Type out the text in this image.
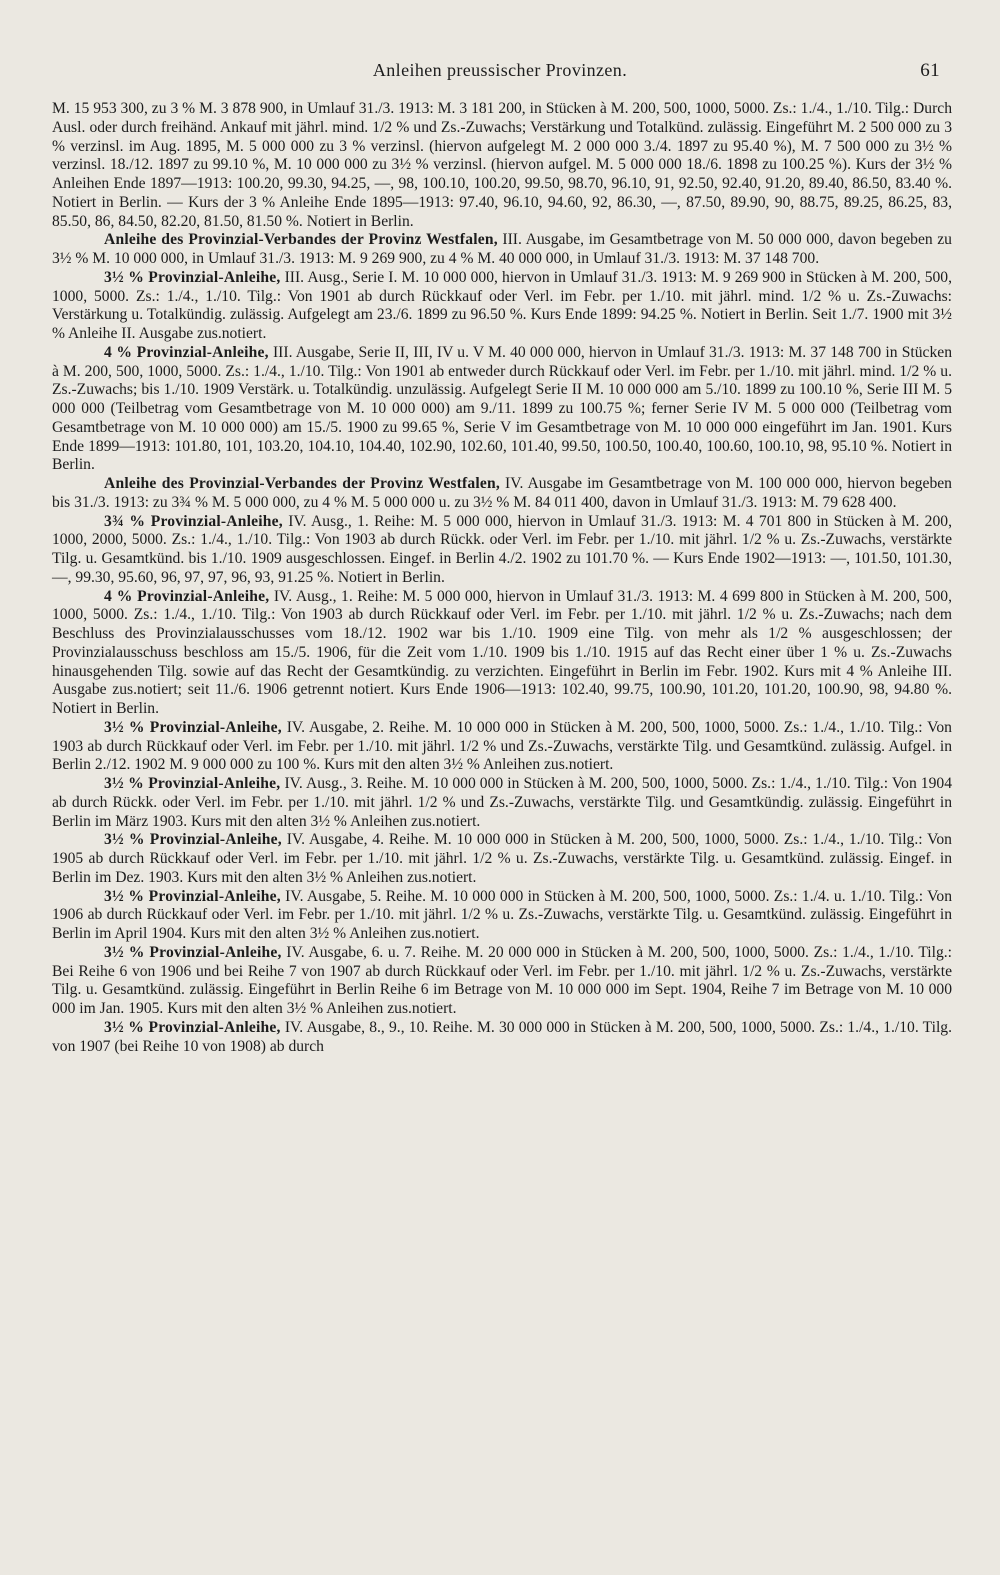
Anleihen preussischer Provinzen.	61

M. 15 953 300, zu 3 % M. 3 878 900, in Umlauf 31./3. 1913: M. 3 181 200, in Stücken à M. 200, 500, 1000, 5000. Zs.: 1./4., 1./10. Tilg.: Durch Ausl. oder durch freihänd. Ankauf mit jährl. mind. 1/2 % und Zs.-Zuwachs; Verstärkung und Totalkünd. zulässig. Eingeführt M. 2 500 000 zu 3 % verzinsl. im Aug. 1895, M. 5 000 000 zu 3 % verzinsl. (hiervon aufgelegt M. 2 000 000 3./4. 1897 zu 95.40 %), M. 7 500 000 zu 3½ % verzinsl. 18./12. 1897 zu 99.10 %, M. 10 000 000 zu 3½ % verzinsl. (hiervon aufgel. M. 5 000 000 18./6. 1898 zu 100.25 %). Kurs der 3½ % Anleihen Ende 1897—1913: 100.20, 99.30, 94.25, —, 98, 100.10, 100.20, 99.50, 98.70, 96.10, 91, 92.50, 92.40, 91.20, 89.40, 86.50, 83.40 %. Notiert in Berlin. — Kurs der 3 % Anleihe Ende 1895—1913: 97.40, 96.10, 94.60, 92, 86.30, —, 87.50, 89.90, 90, 88.75, 89.25, 86.25, 83, 85.50, 86, 84.50, 82.20, 81.50, 81.50 %. Notiert in Berlin.

Anleihe des Provinzial-Verbandes der Provinz Westfalen, III. Ausgabe, im Gesamtbetrage von M. 50 000 000, davon begeben zu 3½ % M. 10 000 000, in Umlauf 31./3. 1913: M. 9 269 900, zu 4 % M. 40 000 000, in Umlauf 31./3. 1913: M. 37 148 700.

3½ % Provinzial-Anleihe, III. Ausg., Serie I. M. 10 000 000, hiervon in Umlauf 31./3. 1913: M. 9 269 900 in Stücken à M. 200, 500, 1000, 5000. Zs.: 1./4., 1./10. Tilg.: Von 1901 ab durch Rückkauf oder Verl. im Febr. per 1./10. mit jährl. mind. 1/2 % u. Zs.-Zuwachs: Verstärkung u. Totalkündig. zulässig. Aufgelegt am 23./6. 1899 zu 96.50 %. Kurs Ende 1899: 94.25 %. Notiert in Berlin. Seit 1./7. 1900 mit 3½ % Anleihe II. Ausgabe zus.notiert.

4 % Provinzial-Anleihe, III. Ausgabe, Serie II, III, IV u. V M. 40 000 000, hiervon in Umlauf 31./3. 1913: M. 37 148 700 in Stücken à M. 200, 500, 1000, 5000. Zs.: 1./4., 1./10. Tilg.: Von 1901 ab entweder durch Rückkauf oder Verl. im Febr. per 1./10. mit jährl. mind. 1/2 % u. Zs.-Zuwachs; bis 1./10. 1909 Verstärk. u. Totalkündig. unzulässig. Aufgelegt Serie II M. 10 000 000 am 5./10. 1899 zu 100.10 %, Serie III M. 5 000 000 (Teilbetrag vom Gesamtbetrage von M. 10 000 000) am 9./11. 1899 zu 100.75 %; ferner Serie IV M. 5 000 000 (Teilbetrag vom Gesamtbetrage von M. 10 000 000) am 15./5. 1900 zu 99.65 %, Serie V im Gesamtbetrage von M. 10 000 000 eingeführt im Jan. 1901. Kurs Ende 1899—1913: 101.80, 101, 103.20, 104.10, 104.40, 102.90, 102.60, 101.40, 99.50, 100.50, 100.40, 100.60, 100.10, 98, 95.10 %. Notiert in Berlin.

Anleihe des Provinzial-Verbandes der Provinz Westfalen, IV. Ausgabe im Gesamtbetrage von M. 100 000 000, hiervon begeben bis 31./3. 1913: zu 3¾ % M. 5 000 000, zu 4 % M. 5 000 000 u. zu 3½ % M. 84 011 400, davon in Umlauf 31./3. 1913: M. 79 628 400.

3¾ % Provinzial-Anleihe, IV. Ausg., 1. Reihe: M. 5 000 000, hiervon in Umlauf 31./3. 1913: M. 4 701 800 in Stücken à M. 200, 1000, 2000, 5000. Zs.: 1./4., 1./10. Tilg.: Von 1903 ab durch Rückk. oder Verl. im Febr. per 1./10. mit jährl. 1/2 % u. Zs.-Zuwachs, verstärkte Tilg. u. Gesamtkünd. bis 1./10. 1909 ausgeschlossen. Eingef. in Berlin 4./2. 1902 zu 101.70 %. — Kurs Ende 1902—1913: —, 101.50, 101.30, —, 99.30, 95.60, 96, 97, 97, 96, 93, 91.25 %. Notiert in Berlin.

4 % Provinzial-Anleihe, IV. Ausg., 1. Reihe: M. 5 000 000, hiervon in Umlauf 31./3. 1913: M. 4 699 800 in Stücken à M. 200, 500, 1000, 5000. Zs.: 1./4., 1./10. Tilg.: Von 1903 ab durch Rückkauf oder Verl. im Febr. per 1./10. mit jährl. 1/2 % u. Zs.-Zuwachs; nach dem Beschluss des Provinzialausschusses vom 18./12. 1902 war bis 1./10. 1909 eine Tilg. von mehr als 1/2 % ausgeschlossen; der Provinzialausschuss beschloss am 15./5. 1906, für die Zeit vom 1./10. 1909 bis 1./10. 1915 auf das Recht einer über 1 % u. Zs.-Zuwachs hinausgehenden Tilg. sowie auf das Recht der Gesamtkündig. zu verzichten. Eingeführt in Berlin im Febr. 1902. Kurs mit 4 % Anleihe III. Ausgabe zus.notiert; seit 11./6. 1906 getrennt notiert. Kurs Ende 1906—1913: 102.40, 99.75, 100.90, 101.20, 101.20, 100.90, 98, 94.80 %. Notiert in Berlin.

3½ % Provinzial-Anleihe, IV. Ausgabe, 2. Reihe. M. 10 000 000 in Stücken à M. 200, 500, 1000, 5000. Zs.: 1./4., 1./10. Tilg.: Von 1903 ab durch Rückkauf oder Verl. im Febr. per 1./10. mit jährl. 1/2 % und Zs.-Zuwachs, verstärkte Tilg. und Gesamtkünd. zulässig. Aufgel. in Berlin 2./12. 1902 M. 9 000 000 zu 100 %. Kurs mit den alten 3½ % Anleihen zus.notiert.

3½ % Provinzial-Anleihe, IV. Ausg., 3. Reihe. M. 10 000 000 in Stücken à M. 200, 500, 1000, 5000. Zs.: 1./4., 1./10. Tilg.: Von 1904 ab durch Rückk. oder Verl. im Febr. per 1./10. mit jährl. 1/2 % und Zs.-Zuwachs, verstärkte Tilg. und Gesamtkündig. zulässig. Eingeführt in Berlin im März 1903. Kurs mit den alten 3½ % Anleihen zus.notiert.

3½ % Provinzial-Anleihe, IV. Ausgabe, 4. Reihe. M. 10 000 000 in Stücken à M. 200, 500, 1000, 5000. Zs.: 1./4., 1./10. Tilg.: Von 1905 ab durch Rückkauf oder Verl. im Febr. per 1./10. mit jährl. 1/2 % u. Zs.-Zuwachs, verstärkte Tilg. u. Gesamtkünd. zulässig. Eingef. in Berlin im Dez. 1903. Kurs mit den alten 3½ % Anleihen zus.notiert.

3½ % Provinzial-Anleihe, IV. Ausgabe, 5. Reihe. M. 10 000 000 in Stücken à M. 200, 500, 1000, 5000. Zs.: 1./4. u. 1./10. Tilg.: Von 1906 ab durch Rückkauf oder Verl. im Febr. per 1./10. mit jährl. 1/2 % u. Zs.-Zuwachs, verstärkte Tilg. u. Gesamtkünd. zulässig. Eingeführt in Berlin im April 1904. Kurs mit den alten 3½ % Anleihen zus.notiert.

3½ % Provinzial-Anleihe, IV. Ausgabe, 6. u. 7. Reihe. M. 20 000 000 in Stücken à M. 200, 500, 1000, 5000. Zs.: 1./4., 1./10. Tilg.: Bei Reihe 6 von 1906 und bei Reihe 7 von 1907 ab durch Rückkauf oder Verl. im Febr. per 1./10. mit jährl. 1/2 % u. Zs.-Zuwachs, verstärkte Tilg. u. Gesamtkünd. zulässig. Eingeführt in Berlin Reihe 6 im Betrage von M. 10 000 000 im Sept. 1904, Reihe 7 im Betrage von M. 10 000 000 im Jan. 1905. Kurs mit den alten 3½ % Anleihen zus.notiert.

3½ % Provinzial-Anleihe, IV. Ausgabe, 8., 9., 10. Reihe. M. 30 000 000 in Stücken à M. 200, 500, 1000, 5000. Zs.: 1./4., 1./10. Tilg. von 1907 (bei Reihe 10 von 1908) ab durch
